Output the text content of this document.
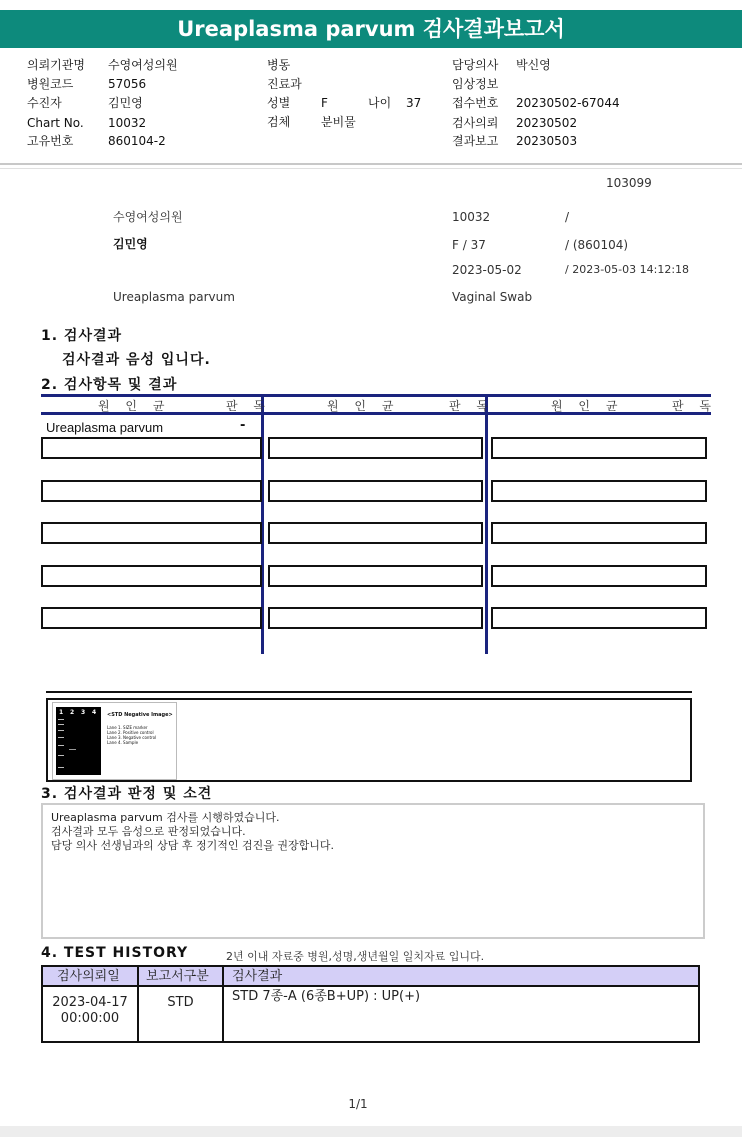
Ureaplasma parvum 검사결과보고서
의뢰기관명 수영여성의원
병원코드	57056
수진자	김민영
Chart No. 10032
고유번호	860104-2
병동
진료과
성별	F	나이 37
검체	분비물
담당의사 박신영
임상정보
접수번호 20230502-67044
검사의뢰 20230502
결과보고 20230503
103099
수영여성의원	10032	/
김민영	F / 37	/ (860104)
2023-05-02	/ 2023-05-03 14:12:18
Ureaplasma parvum	Vaginal Swab
1. 검사결과
검사결과 음성 입니다.
2. 검사항목 및 결과
원 인 균	판 독	원 인 균	판 독	원 인 균	판 독
Ureaplasma parvum	-
1 2 3 4 <STD Negative Image>
Lane 1. SIZE marker
Lane 2. Positive control
Lane 3. Negative control
Lane 4. Sample
3. 검사결과 판정 및 소견
Ureaplasma parvum 검사를 시행하였습니다.
검사결과 모두 음성으로 판정되었습니다.
담당 의사 선생님과의 상담 후 정기적인 검진을 권장합니다.
4. TEST HISTORY	2년 이내 자료중 병원,성명,생년월일 일치자료 입니다.
검사의뢰일 보고서구분 검사결과
2023-04-17
00:00:00
STD	STD 7종-A (6종B+UP) : UP(+)
1/1
